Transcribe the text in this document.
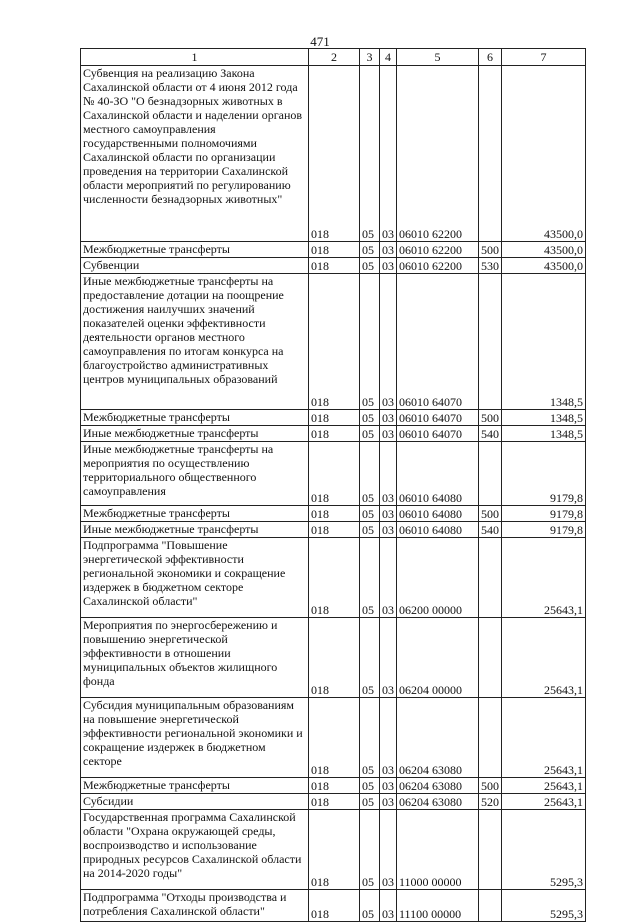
471
1	2	3	4	5	6	7
Субвенция на реализацию Закона Сахалинской области от 4 июня 2012 года № 40-ЗО "О безнадзорных животных в Сахалинской области и наделении органов местного самоуправления государственными полномочиями Сахалинской области по организации проведения на территории Сахалинской области мероприятий по регулированию численности безнадзорных животных"	018	05	03	06010 62200		43500,0
Межбюджетные трансферты	018	05	03	06010 62200	500	43500,0
Субвенции	018	05	03	06010 62200	530	43500,0
Иные межбюджетные трансферты на предоставление дотации на поощрение достижения наилучших значений показателей оценки эффективности деятельности органов местного самоуправления по итогам конкурса на благоустройство административных центров муниципальных образований	018	05	03	06010 64070		1348,5
Межбюджетные трансферты	018	05	03	06010 64070	500	1348,5
Иные межбюджетные трансферты	018	05	03	06010 64070	540	1348,5
Иные межбюджетные трансферты на мероприятия по осуществлению территориального общественного самоуправления	018	05	03	06010 64080		9179,8
Межбюджетные трансферты	018	05	03	06010 64080	500	9179,8
Иные межбюджетные трансферты	018	05	03	06010 64080	540	9179,8
Подпрограмма "Повышение энергетической эффективности региональной экономики и сокращение издержек в бюджетном секторе Сахалинской области"	018	05	03	06200 00000		25643,1
Мероприятия по энергосбережению и повышению энергетической эффективности в отношении муниципальных объектов жилищного фонда	018	05	03	06204 00000		25643,1
Субсидия муниципальным образованиям на повышение энергетической эффективности региональной экономики и сокращение издержек в бюджетном секторе	018	05	03	06204 63080		25643,1
Межбюджетные трансферты	018	05	03	06204 63080	500	25643,1
Субсидии	018	05	03	06204 63080	520	25643,1
Государственная программа Сахалинской области "Охрана окружающей среды, воспроизводство и использование природных ресурсов Сахалинской области на 2014-2020 годы"	018	05	03	11000 00000		5295,3
Подпрограмма "Отходы производства и потребления Сахалинской области"	018	05	03	11100 00000		5295,3
